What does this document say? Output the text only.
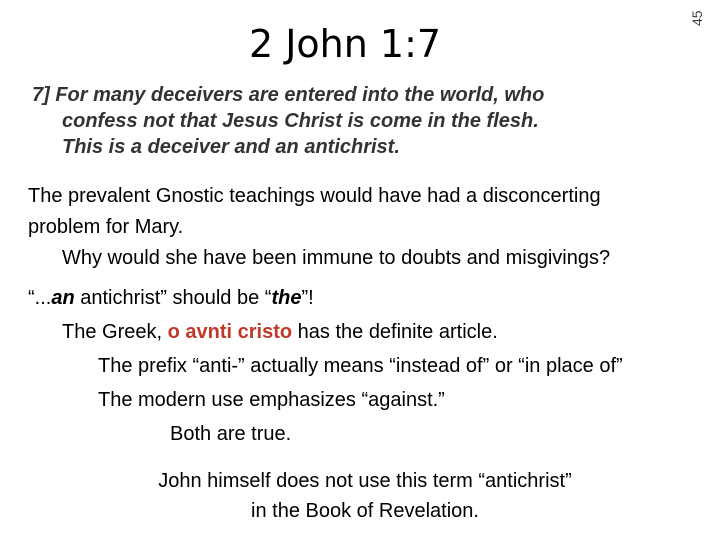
45
2 John 1:7
7] For many deceivers are entered into the world, who
confess not that Jesus Christ is come in the flesh.
This is a deceiver and an antichrist.
The prevalent Gnostic teachings would have had a disconcerting
problem for Mary.
Why would she have been immune to doubts and misgivings?
“...an antichrist” should be “the”!
The Greek, o avnti cristo has the definite article.
The prefix “anti-” actually means “instead of” or “in place of”
The modern use emphasizes “against.”
Both are true.
John himself does not use this term “antichrist”
in the Book of Revelation.
